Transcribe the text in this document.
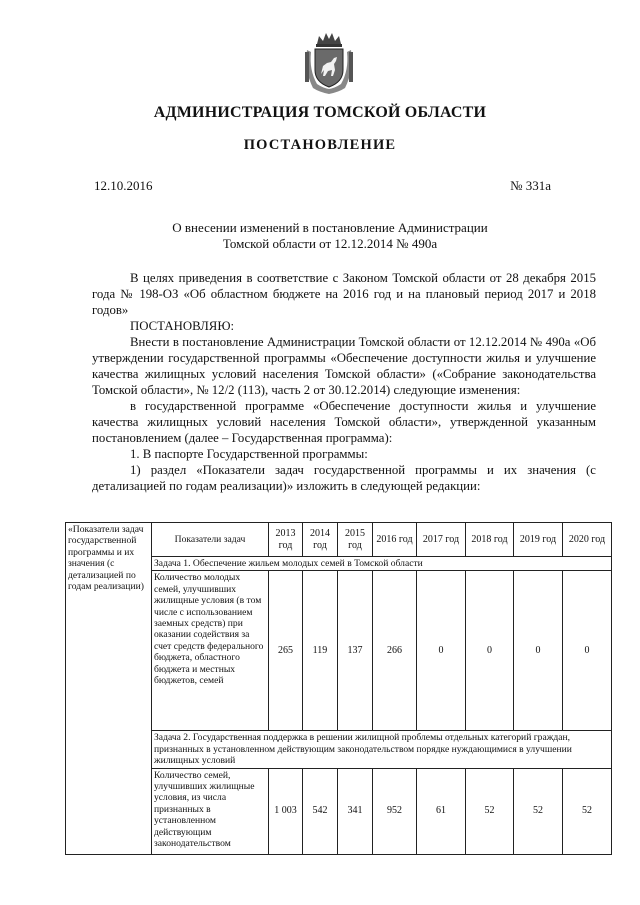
АДМИНИСТРАЦИЯ ТОМСКОЙ ОБЛАСТИ
ПОСТАНОВЛЕНИЕ
12.10.2016	№ 331а
О внесении изменений в постановление Администрации
Томской области от 12.12.2014 № 490а

В целях приведения в соответствие с Законом Томской области от 28 декабря 2015 года № 198-ОЗ «Об областном бюджете на 2016 год и на плановый период 2017 и 2018 годов»

ПОСТАНОВЛЯЮ:

Внести в постановление Администрации Томской области от 12.12.2014 № 490а «Об утверждении государственной программы «Обеспечение доступности жилья и улучшение качества жилищных условий населения Томской области» («Собрание законодательства Томской области», № 12/2 (113), часть 2 от 30.12.2014) следующие изменения:

в государственной программе «Обеспечение доступности жилья и улучшение качества жилищных условий населения Томской области», утвержденной указанным постановлением (далее – Государственная программа):

1. В паспорте Государственной программы:

1) раздел «Показатели задач государственной программы и их значения (с детализацией по годам реализации)» изложить в следующей редакции:

«Показатели задач государственной программы и их значения (с детализацией по годам реализации)	Показатели задач	2013 год	2014 год	2015 год	2016 год	2017 год	2018 год	2019 год	2020 год
	Задача 1. Обеспечение жильем молодых семей в Томской области								
	Количество молодых семей, улучшивших жилищные условия (в том числе с использованием заемных средств) при оказании содействия за счет средств федерального бюджета, областного бюджета и местных бюджетов, семей	265	119	137	266	0	0	0	0
	Задача 2. Государственная поддержка в решении жилищной проблемы отдельных категорий граждан, признанных в установленном действующим законодательством порядке нуждающимися в улучшении жилищных условий								
	Количество семей, улучшивших жилищные условия, из числа признанных в установленном действующим законодательством	1 003	542	341	952	61	52	52	52
